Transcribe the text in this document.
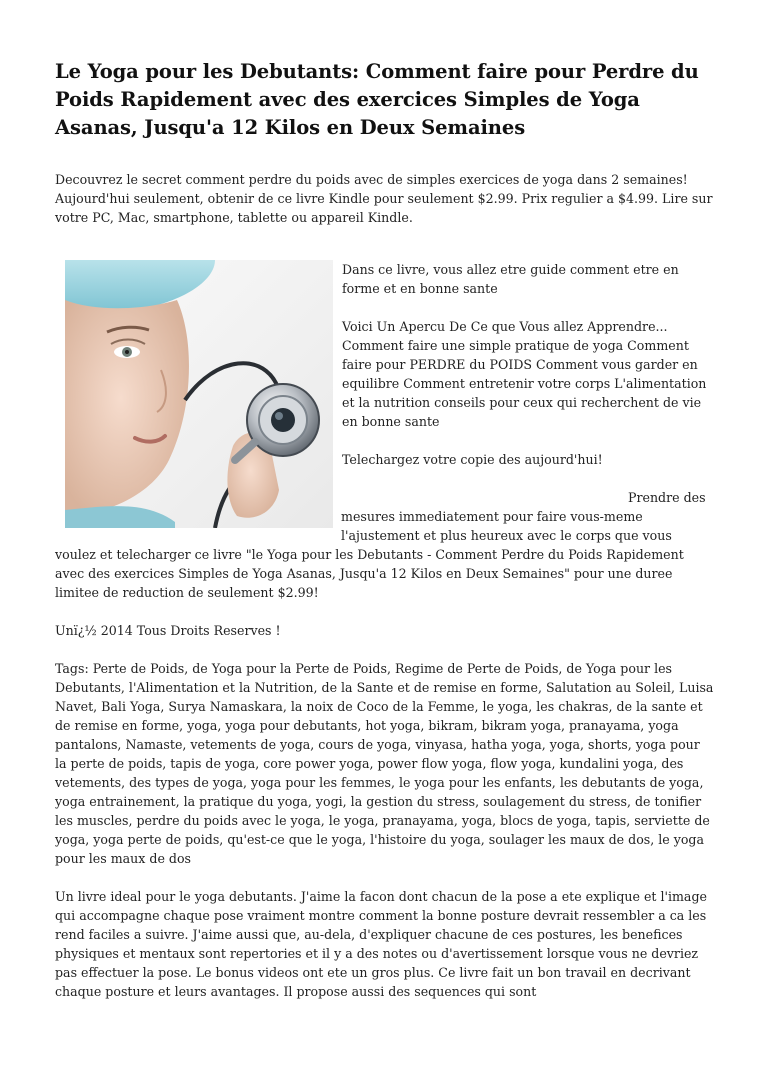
Le Yoga pour les Debutants: Comment faire pour Perdre du Poids Rapidement avec des exercices Simples de Yoga Asanas, Jusqu'a 12 Kilos en Deux Semaines

Decouvrez le secret comment perdre du poids avec de simples exercices de yoga dans 2 semaines! Aujourd'hui seulement, obtenir de ce livre Kindle pour seulement $2.99. Prix regulier a $4.99. Lire sur votre PC, Mac, smartphone, tablette ou appareil Kindle.

Dans ce livre, vous allez etre guide comment etre en forme et en bonne sante

Voici Un Apercu De Ce que Vous allez Apprendre... Comment faire une simple pratique de yoga Comment faire pour PERDRE du POIDS Comment vous garder en equilibre Comment entretenir votre corps L'alimentation et la nutrition conseils pour ceux qui recherchent de vie en bonne sante

Telechargez votre copie des aujourd'hui!

Prendre des mesures immediatement pour faire vous-meme l'ajustement et plus heureux avec le corps que vous voulez et telecharger ce livre "le Yoga pour les Debutants - Comment Perdre du Poids Rapidement avec des exercices Simples de Yoga Asanas, Jusqu'a 12 Kilos en Deux Semaines" pour une duree limitee de reduction de seulement $2.99!

Unï¿½ 2014 Tous Droits Reserves !

Tags: Perte de Poids, de Yoga pour la Perte de Poids, Regime de Perte de Poids, de Yoga pour les Debutants, l'Alimentation et la Nutrition, de la Sante et de remise en forme, Salutation au Soleil, Luisa Navet, Bali Yoga, Surya Namaskara, la noix de Coco de la Femme, le yoga, les chakras, de la sante et de remise en forme, yoga, yoga pour debutants, hot yoga, bikram, bikram yoga, pranayama, yoga pantalons, Namaste, vetements de yoga, cours de yoga, vinyasa, hatha yoga, yoga, shorts, yoga pour la perte de poids, tapis de yoga, core power yoga, power flow yoga, flow yoga, kundalini yoga, des vetements, des types de yoga, yoga pour les femmes, le yoga pour les enfants, les debutants de yoga, yoga entrainement, la pratique du yoga, yogi, la gestion du stress, soulagement du stress, de tonifier les muscles, perdre du poids avec le yoga, le yoga, pranayama, yoga, blocs de yoga, tapis, serviette de yoga, yoga perte de poids, qu'est-ce que le yoga, l'histoire du yoga, soulager les maux de dos, le yoga pour les maux de dos

Un livre ideal pour le yoga debutants. J'aime la facon dont chacun de la pose a ete explique et l'image qui accompagne chaque pose vraiment montre comment la bonne posture devrait ressembler a ca les rend faciles a suivre. J'aime aussi que, au-dela, d'expliquer chacune de ces postures, les benefices physiques et mentaux sont repertories et il y a des notes ou d'avertissement lorsque vous ne devriez pas effectuer la pose. Le bonus videos ont ete un gros plus. Ce livre fait un bon travail en decrivant chaque posture et leurs avantages. Il propose aussi des sequences qui sont
